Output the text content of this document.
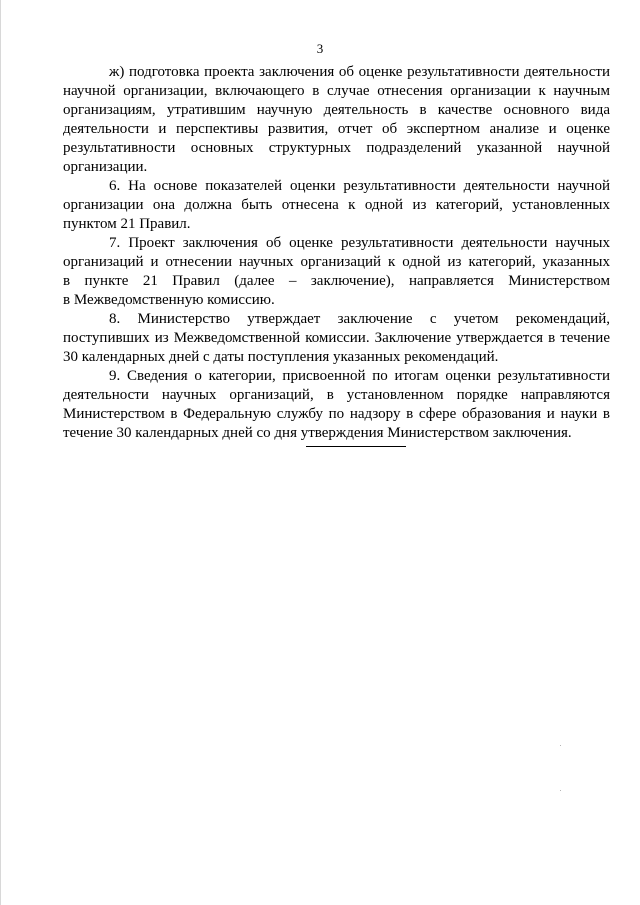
3
ж) подготовка проекта заключения об оценке результативности деятельности
научной организации, включающего в случае отнесения организации к научным
организациям, утратившим научную деятельность в качестве основного вида
деятельности и перспективы развития, отчет об экспертном анализе и оценке
результативности основных структурных подразделений указанной научной
организации.
6. На основе показателей оценки результативности деятельности научной
организации она должна быть отнесена к одной из категорий, установленных
пунктом 21 Правил.
7. Проект заключения об оценке результативности деятельности научных
организаций и отнесении научных организаций к одной из категорий, указанных
в пункте 21 Правил (далее – заключение), направляется Министерством
в Межведомственную комиссию.
8. Министерство утверждает заключение с учетом рекомендаций,
поступивших из Межведомственной комиссии. Заключение утверждается в течение
30 календарных дней с даты поступления указанных рекомендаций.
9. Сведения о категории, присвоенной по итогам оценки результативности
деятельности научных организаций, в установленном порядке направляются
Министерством в Федеральную службу по надзору в сфере образования и науки в
течение 30 календарных дней со дня утверждения Министерством заключения.
